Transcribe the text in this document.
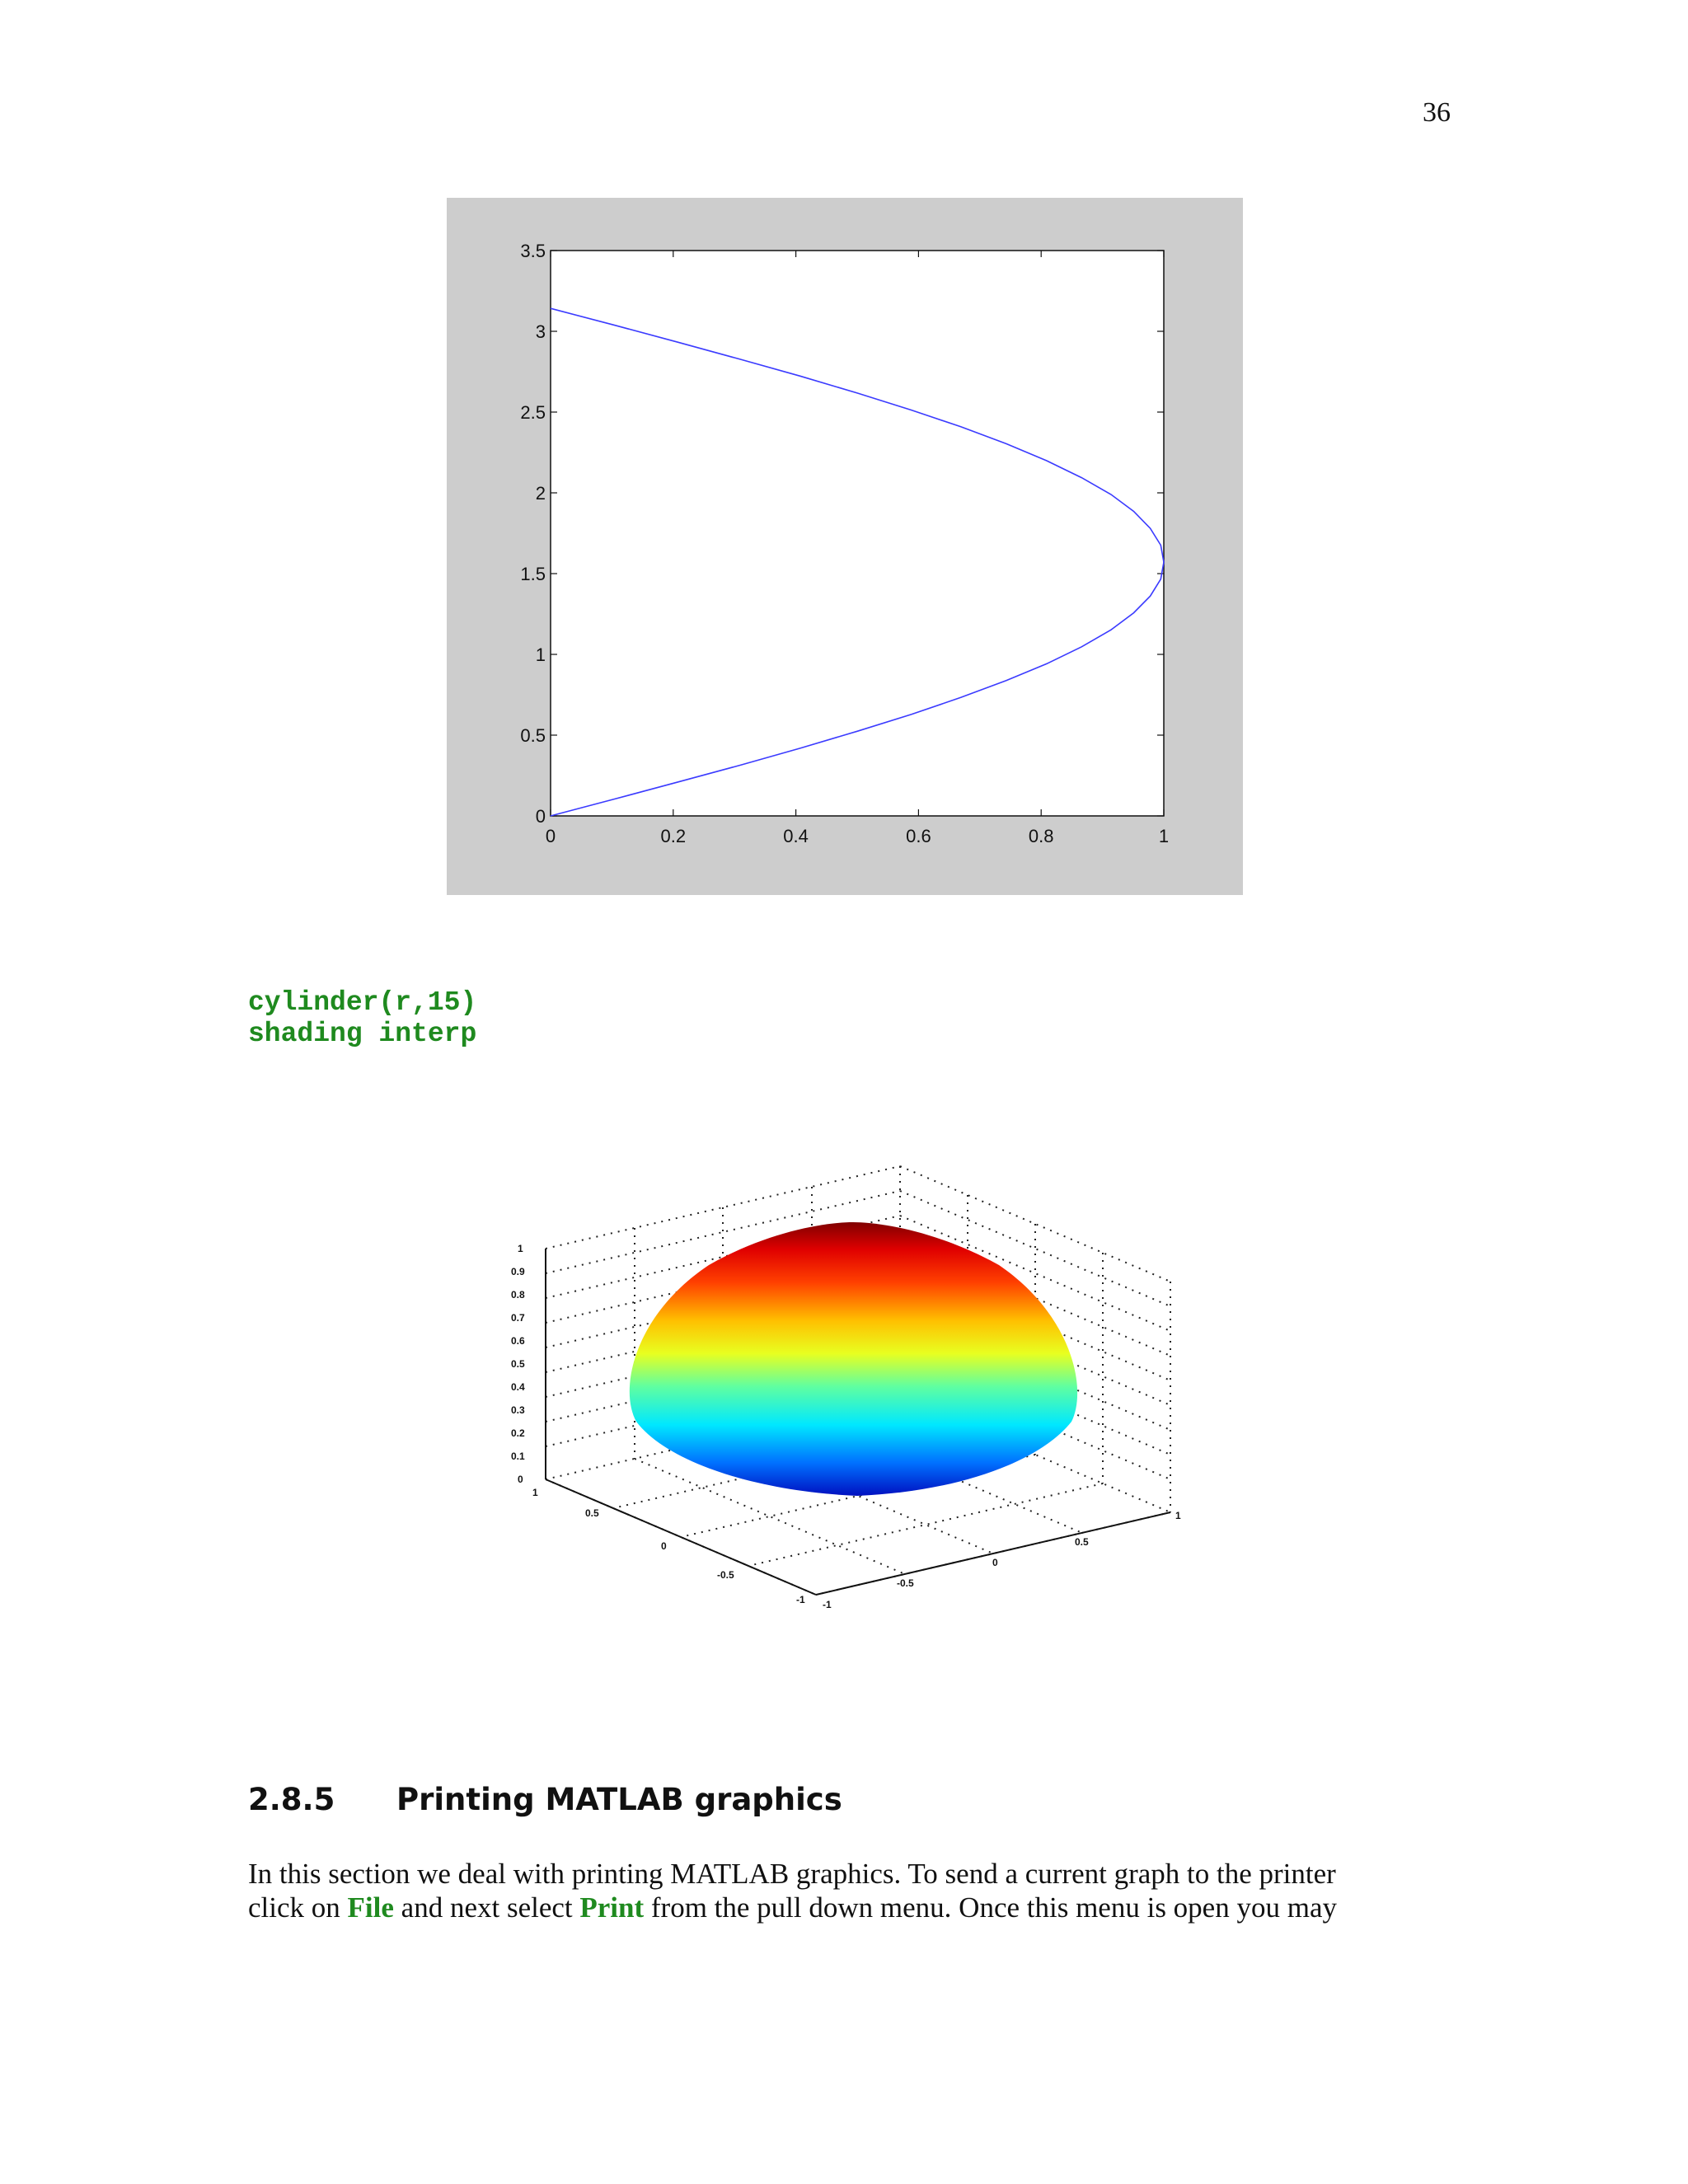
36
0	0.2	0.4	0.6	0.8	1
0
0.5
1
1.5
2
2.5
3
3.5
cylinder(r,15)
shading interp
0
0.1
0.2
0.3
0.4
0.5
0.6
0.7
0.8
0.9
1
1
0.5
0
-0.5
-1 -1
-0.5
0
0.5
1
2.8.5 Printing MATLAB graphics
In this section we deal with printing MATLAB graphics. To send a current graph to the printer
click on File and next select Print from the pull down menu. Once this menu is open you may
